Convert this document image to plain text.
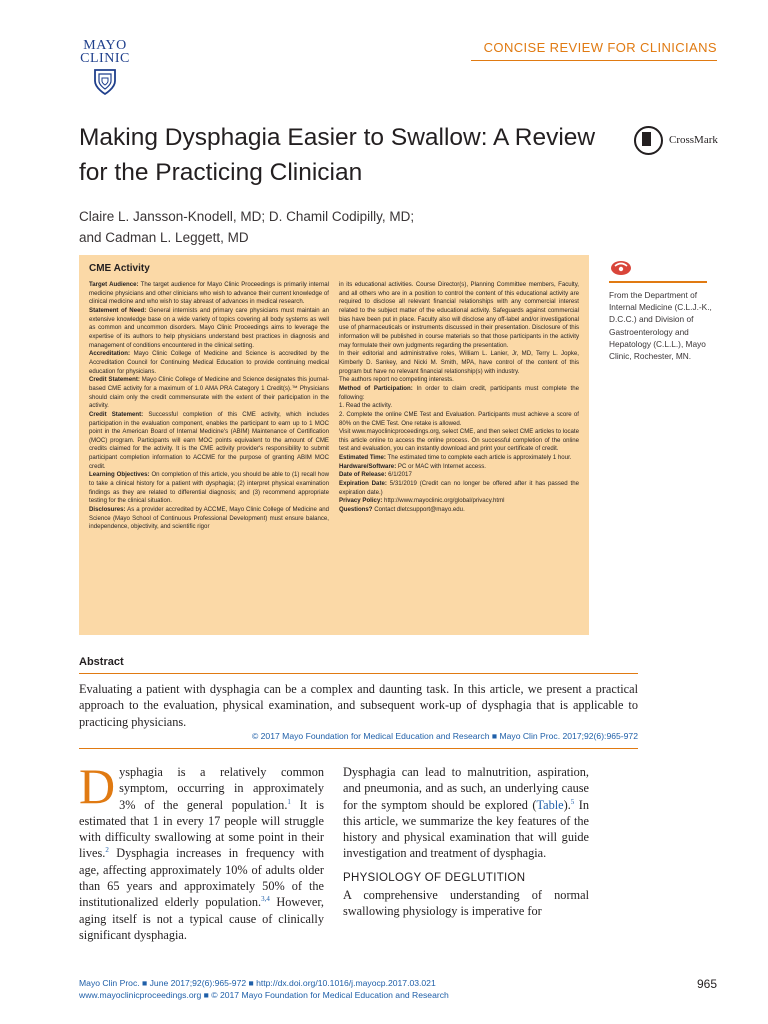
MAYO
CLINIC
CONCISE REVIEW FOR CLINICIANS
Making Dysphagia Easier to Swallow: A Review for the Practicing Clinician
CrossMark
Claire L. Jansson-Knodell, MD; D. Chamil Codipilly, MD;
and Cadman L. Leggett, MD
CME Activity

Target Audience: The target audience for Mayo Clinic Proceedings is primarily internal medicine physicians and other clinicians who wish to advance their current knowledge of clinical medicine and who wish to stay abreast of advances in medical research.

Statement of Need: General internists and primary care physicians must maintain an extensive knowledge base on a wide variety of topics covering all body systems as well as common and uncommon disorders. Mayo Clinic Proceedings aims to leverage the expertise of its authors to help physicians understand best practices in diagnosis and management of conditions encountered in the clinical setting.

Accreditation: Mayo Clinic College of Medicine and Science is accredited by the Accreditation Council for Continuing Medical Education to provide continuing medical education for physicians.

Credit Statement: Mayo Clinic College of Medicine and Science designates this journal-based CME activity for a maximum of 1.0 AMA PRA Category 1 Credit(s).™ Physicians should claim only the credit commensurate with the extent of their participation in the activity.

Credit Statement: Successful completion of this CME activity, which includes participation in the evaluation component, enables the participant to earn up to 1 MOC point in the American Board of Internal Medicine's (ABIM) Maintenance of Certification (MOC) program. Participants will earn MOC points equivalent to the amount of CME credits claimed for the activity. It is the CME activity provider's responsibility to submit participant completion information to ACCME for the purpose of granting ABIM MOC credit.

Learning Objectives: On completion of this article, you should be able to (1) recall how to take a clinical history for a patient with dysphagia; (2) interpret physical examination findings as they are related to differential diagnosis; and (3) recommend appropriate testing for the clinical situation.

Disclosures: As a provider accredited by ACCME, Mayo Clinic College of Medicine and Science (Mayo School of Continuous Professional Development) must ensure balance, independence, objectivity, and scientific rigor

in its educational activities. Course Director(s), Planning Committee members, Faculty, and all others who are in a position to control the content of this educational activity are required to disclose all relevant financial relationships with any commercial interest related to the subject matter of the educational activity. Safeguards against commercial bias have been put in place. Faculty also will disclose any off-label and/or investigational use of pharmaceuticals or instruments discussed in their presentation. Disclosure of this information will be published in course materials so that those participants in the activity may formulate their own judgments regarding the presentation.

In their editorial and administrative roles, William L. Lanier, Jr, MD, Terry L. Jopke, Kimberly D. Sankey, and Nicki M. Smith, MPA, have control of the content of this program but have no relevant financial relationship(s) with industry.

The authors report no competing interests.

Method of Participation: In order to claim credit, participants must complete the following:

1. Read the activity.

2. Complete the online CME Test and Evaluation. Participants must achieve a score of 80% on the CME Test. One retake is allowed.

Visit www.mayoclinicproceedings.org, select CME, and then select CME articles to locate this article online to access the online process. On successful completion of the online test and evaluation, you can instantly download and print your certificate of credit.

Estimated Time: The estimated time to complete each article is approximately 1 hour.

Hardware/Software: PC or MAC with Internet access.

Date of Release: 6/1/2017

Expiration Date: 5/31/2019 (Credit can no longer be offered after it has passed the expiration date.)

Privacy Policy: http://www.mayoclinic.org/global/privacy.html

Questions? Contact dletcsupport@mayo.edu.

From the Department of Internal Medicine (C.L.J.-K., D.C.C.) and Division of Gastroenterology and Hepatology (C.L.L.), Mayo Clinic, Rochester, MN.
Abstract
Evaluating a patient with dysphagia can be a complex and daunting task. In this article, we present a practical approach to the evaluation, physical examination, and subsequent work-up of dysphagia that is applicable to practicing physicians.
© 2017 Mayo Foundation for Medical Education and Research ■ Mayo Clin Proc. 2017;92(6):965-972
Dysphagia is a relatively common symptom, occurring in approximately 3% of the general population.$^1$ It is estimated that 1 in every 17 people will struggle with difficulty swallowing at some point in their lives.$^2$ Dysphagia increases in frequency with age, affecting approximately 10% of adults older than 65 years and approximately 50% of the institutionalized elderly population.$^{3,4}$ However, aging itself is not a typical cause of clinically significant dysphagia.

Dysphagia can lead to malnutrition, aspiration, and pneumonia, and as such, an underlying cause for the symptom should be explored (Table).$^5$ In this article, we summarize the key features of the history and physical examination that will guide investigation and treatment of dysphagia.

PHYSIOLOGY OF DEGLUTITION

A comprehensive understanding of normal swallowing physiology is imperative for

Mayo Clin Proc. ■ June 2017;92(6):965-972 ■ http://dx.doi.org/10.1016/j.mayocp.2017.03.021
www.mayoclinicproceedings.org ■ © 2017 Mayo Foundation for Medical Education and Research
965
